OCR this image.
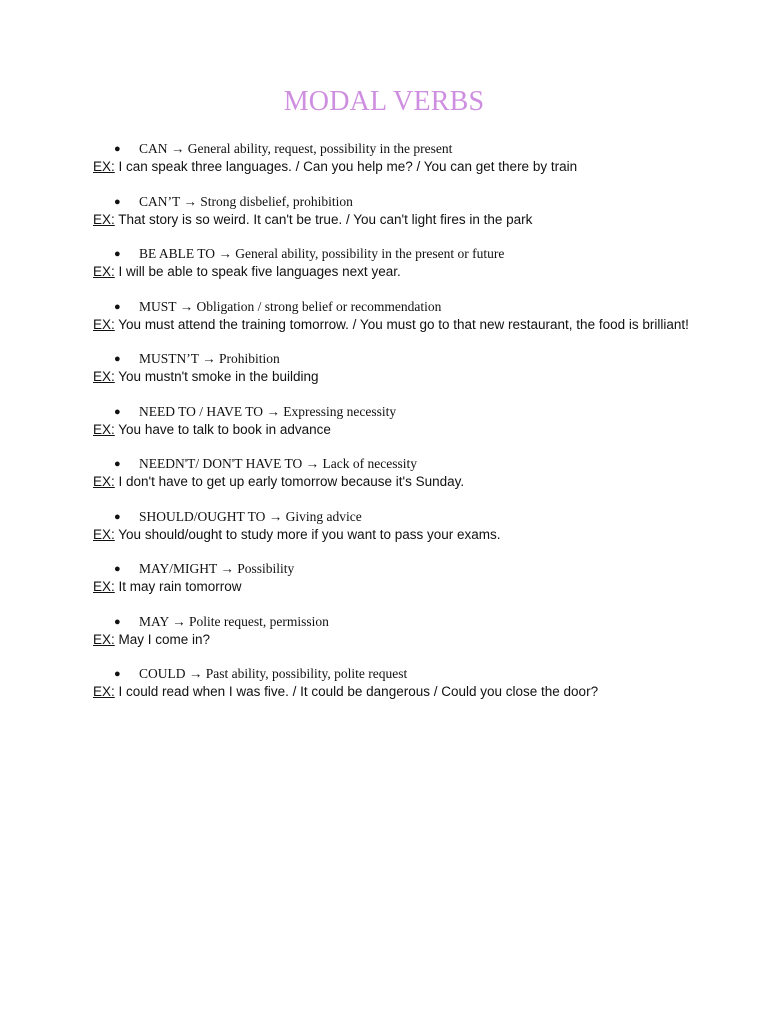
MODAL VERBS
● CAN → General ability, request, possibility in the present
EX: I can speak three languages. / Can you help me? / You can get there by train
● CAN’T → Strong disbelief, prohibition
EX: That story is so weird. It can't be true. / You can't light fires in the park
● BE ABLE TO → General ability, possibility in the present or future
EX: I will be able to speak five languages next year.
● MUST → Obligation / strong belief or recommendation
EX: You must attend the training tomorrow. / You must go to that new restaurant, the food is brilliant!
● MUSTN’T → Prohibition
EX: You mustn't smoke in the building
● NEED TO / HAVE TO → Expressing necessity
EX: You have to talk to book in advance
● NEEDN'T/ DON'T HAVE TO → Lack of necessity
EX: I don't have to get up early tomorrow because it's Sunday.
● SHOULD/OUGHT TO → Giving advice
EX: You should/ought to study more if you want to pass your exams.
● MAY/MIGHT → Possibility
EX: It may rain tomorrow
● MAY → Polite request, permission
EX: May I come in?
● COULD → Past ability, possibility, polite request
EX: I could read when I was five. / It could be dangerous / Could you close the door?
